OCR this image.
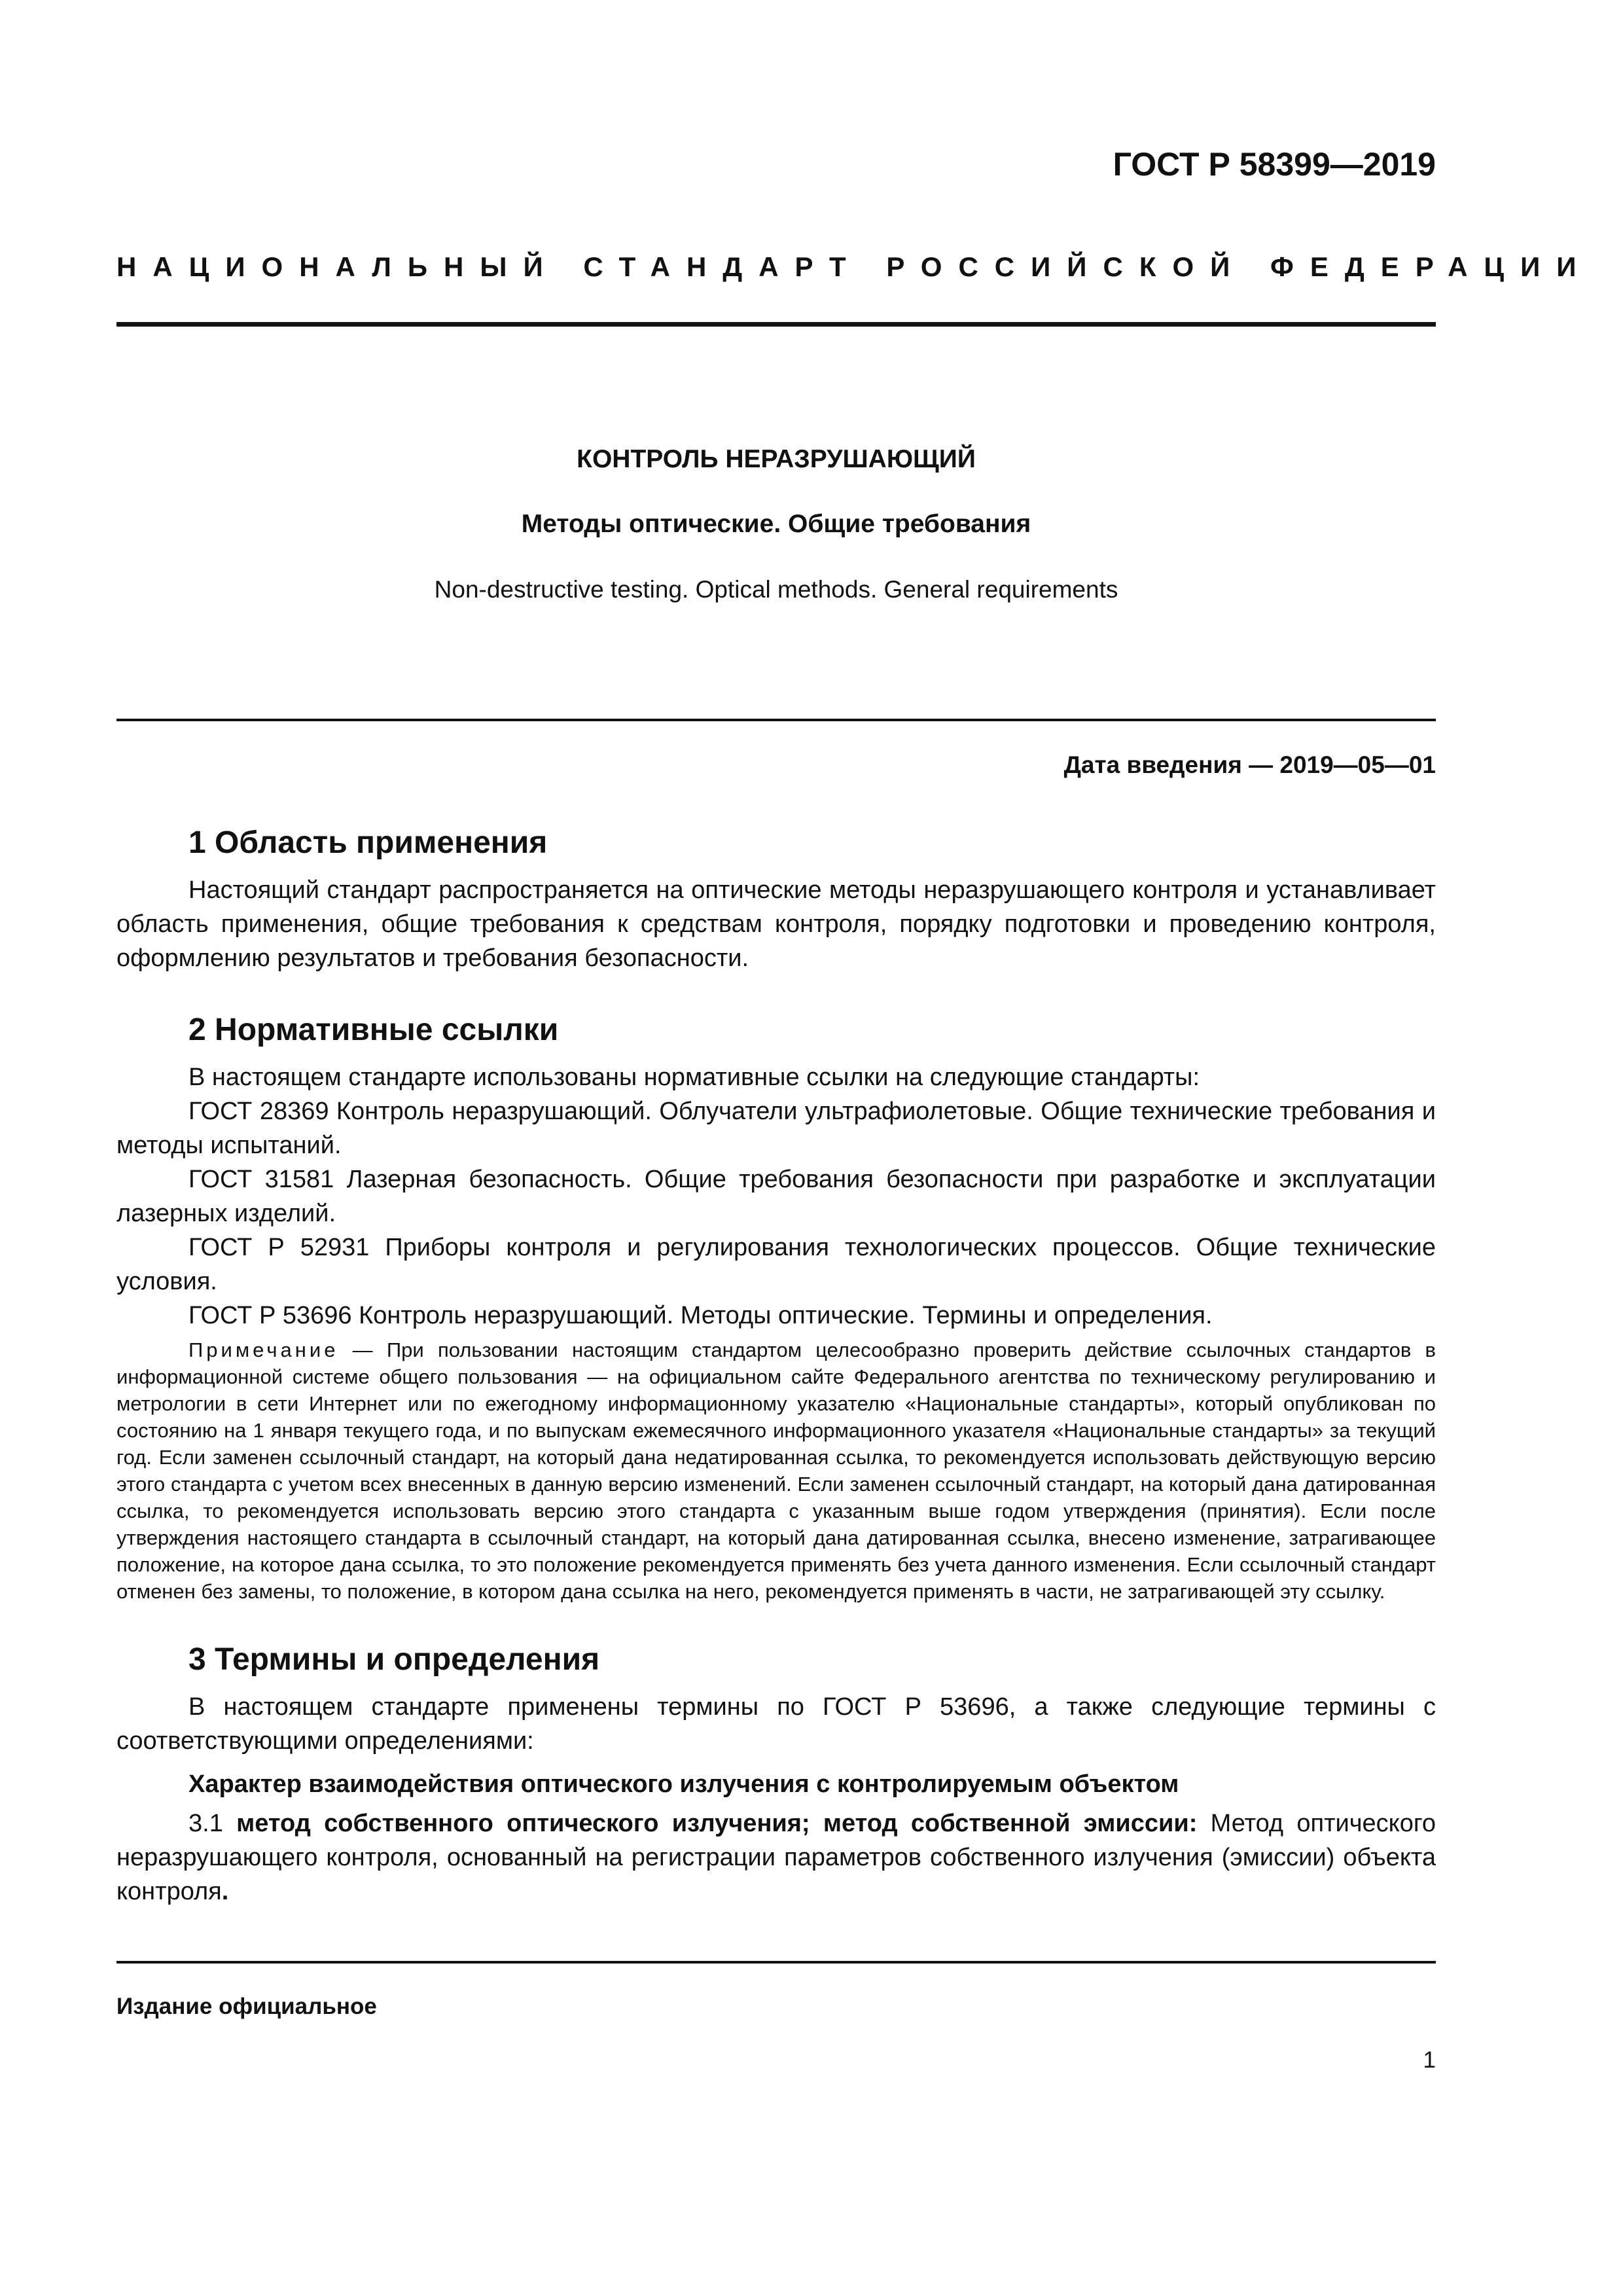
ГОСТ Р 58399—2019
НАЦИОНАЛЬНЫЙ СТАНДАРТ РОССИЙСКОЙ ФЕДЕРАЦИИ
КОНТРОЛЬ НЕРАЗРУШАЮЩИЙ
Методы оптические. Общие требования
Non-destructive testing. Optical methods. General requirements
Дата введения — 2019—05—01
1 Область применения

Настоящий стандарт распространяется на оптические методы неразрушающего контроля и устанавливает область применения, общие требования к средствам контроля, порядку подготовки и проведению контроля, оформлению результатов и требования безопасности.

2 Нормативные ссылки

В настоящем стандарте использованы нормативные ссылки на следующие стандарты:

ГОСТ 28369 Контроль неразрушающий. Облучатели ультрафиолетовые. Общие технические требования и методы испытаний.

ГОСТ 31581 Лазерная безопасность. Общие требования безопасности при разработке и эксплуатации лазерных изделий.

ГОСТ Р 52931 Приборы контроля и регулирования технологических процессов. Общие технические условия.

ГОСТ Р 53696 Контроль неразрушающий. Методы оптические. Термины и определения.

Примечание — При пользовании настоящим стандартом целесообразно проверить действие ссылочных стандартов в информационной системе общего пользования — на официальном сайте Федерального агентства по техническому регулированию и метрологии в сети Интернет или по ежегодному информационному указателю «Национальные стандарты», который опубликован по состоянию на 1 января текущего года, и по выпускам ежемесячного информационного указателя «Национальные стандарты» за текущий год. Если заменен ссылочный стандарт, на который дана недатированная ссылка, то рекомендуется использовать действующую версию этого стандарта с учетом всех внесенных в данную версию изменений. Если заменен ссылочный стандарт, на который дана датированная ссылка, то рекомендуется использовать версию этого стандарта с указанным выше годом утверждения (принятия). Если после утверждения настоящего стандарта в ссылочный стандарт, на который дана датированная ссылка, внесено изменение, затрагивающее положение, на которое дана ссылка, то это положение рекомендуется применять без учета данного изменения. Если ссылочный стандарт отменен без замены, то положение, в котором дана ссылка на него, рекомендуется применять в части, не затрагивающей эту ссылку.
3 Термины и определения

В настоящем стандарте применены термины по ГОСТ Р 53696, а также следующие термины с соответствующими определениями:

Характер взаимодействия оптического излучения с контролируемым объектом

3.1 метод собственного оптического излучения; метод собственной эмиссии: Метод оптического неразрушающего контроля, основанный на регистрации параметров собственного излучения (эмиссии) объекта контроля.

Издание официальное
1
